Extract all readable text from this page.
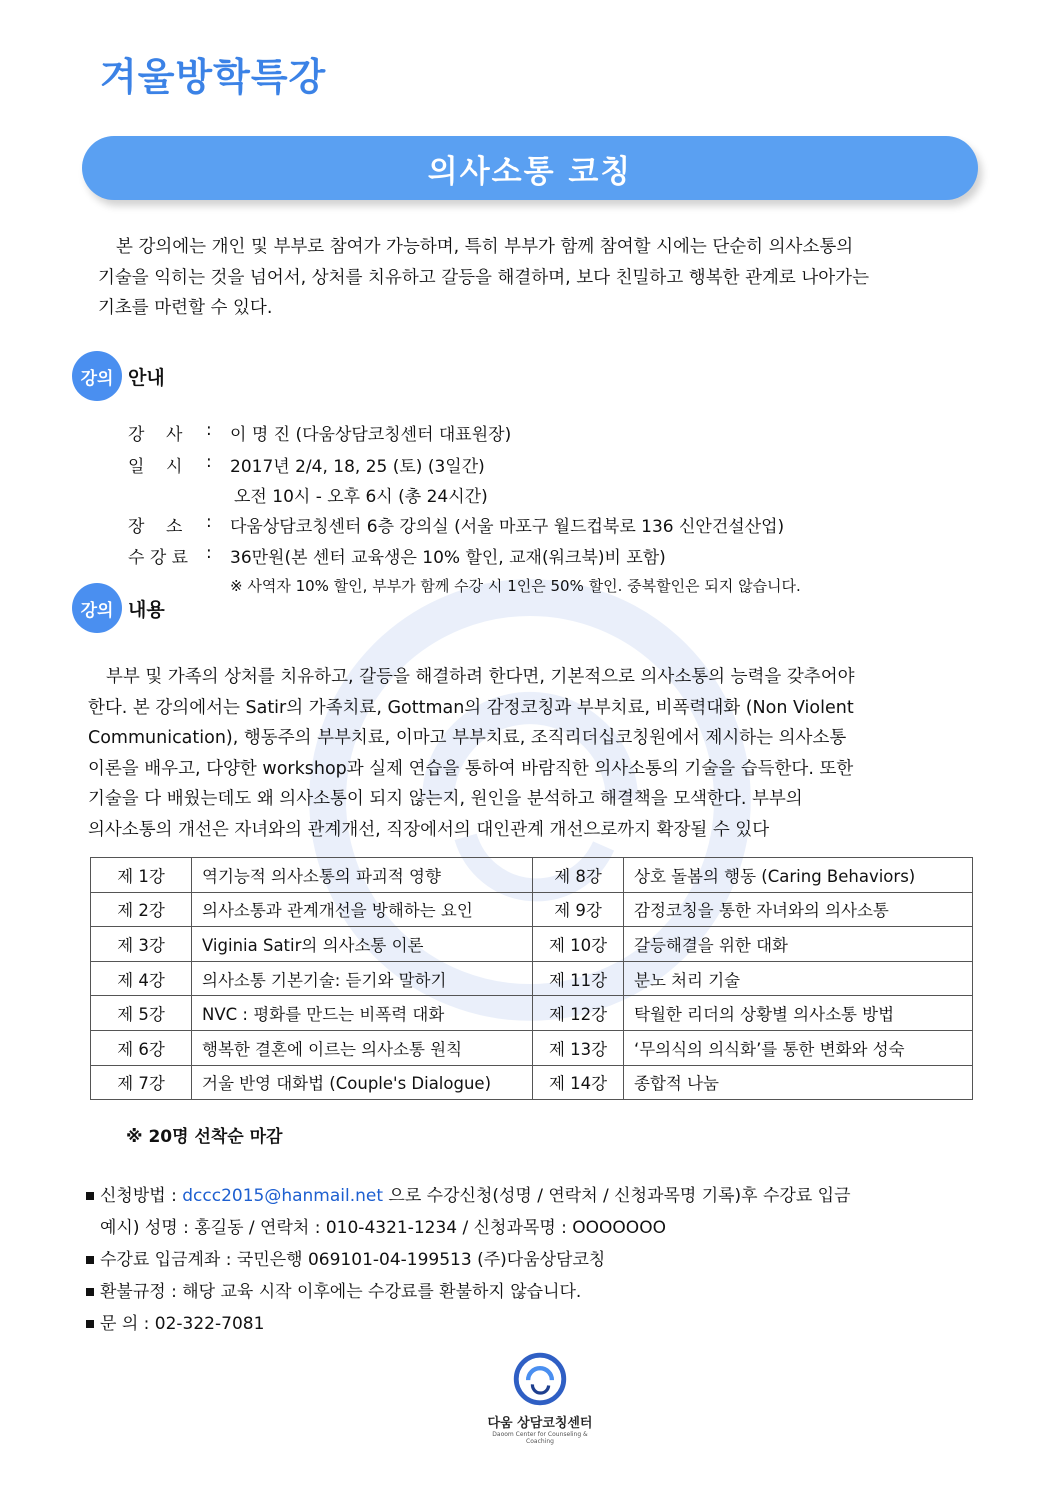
겨울방학특강
의사소통 코칭

본 강의에는 개인 및 부부로 참여가 가능하며, 특히 부부가 함께 참여할 시에는 단순히 의사소통의

기술을 익히는 것을 넘어서, 상처를 치유하고 갈등을 해결하며, 보다 친밀하고 행복한 관계로 나아가는

기초를 마련할 수 있다.

강의 안내
강    사	:	이 명 진 (다움상담코칭센터 대표원장)
일    시	:	2017년 2/4, 18, 25 (토) (3일간)
오전 10시 - 오후 6시 (총 24시간)
장    소	:	다움상담코칭센터 6층 강의실 (서울 마포구 월드컵북로 136 신안건설산업)
수 강 료	:	36만원(본 센터 교육생은 10% 할인, 교재(워크북)비 포함)
※ 사역자 10% 할인, 부부가 함께 수강 시 1인은 50% 할인. 중복할인은 되지 않습니다.
강의 내용

부부 및 가족의 상처를 치유하고, 갈등을 해결하려 한다면, 기본적으로 의사소통의 능력을 갖추어야

한다. 본 강의에서는 Satir의 가족치료, Gottman의 감정코칭과 부부치료, 비폭력대화 (Non Violent

Communication), 행동주의 부부치료, 이마고 부부치료, 조직리더십코칭원에서 제시하는 의사소통

이론을 배우고, 다양한 workshop과 실제 연습을 통하여 바람직한 의사소통의 기술을 습득한다. 또한

기술을 다 배웠는데도 왜 의사소통이 되지 않는지, 원인을 분석하고 해결책을 모색한다. 부부의

의사소통의 개선은 자녀와의 관계개선, 직장에서의 대인관계 개선으로까지 확장될 수 있다

제 1강	역기능적 의사소통의 파괴적 영향	제 8강	상호 돌봄의 행동 (Caring Behaviors)
제 2강	의사소통과 관계개선을 방해하는 요인	제 9강	감정코칭을 통한 자녀와의 의사소통
제 3강	Viginia Satir의 의사소통 이론	제 10강	갈등해결을 위한 대화
제 4강	의사소통 기본기술: 듣기와 말하기	제 11강	분노 처리 기술
제 5강	NVC : 평화를 만드는 비폭력 대화	제 12강	탁월한 리더의 상황별 의사소통 방법
제 6강	행복한 결혼에 이르는 의사소통 원칙	제 13강	‘무의식의 의식화’를 통한 변화와 성숙
제 7강	거울 반영 대화법 (Couple's Dialogue)	제 14강	종합적 나눔
※ 20명 선착순 마감
신청방법 : dccc2015@hanmail.net 으로 수강신청(성명 / 연락처 / 신청과목명 기록)후 수강료 입금
예시) 성명 : 홍길동 / 연락처 : 010-4321-1234 / 신청과목명 : OOOOOOO
수강료 입금계좌 : 국민은행 069101-04-199513 (주)다움상담코칭
환불규정 : 해당 교육 시작 이후에는 수강료를 환불하지 않습니다.
문 의 : 02-322-7081
다움 상담코칭센터
Daoom Center for Counseling & Coaching
